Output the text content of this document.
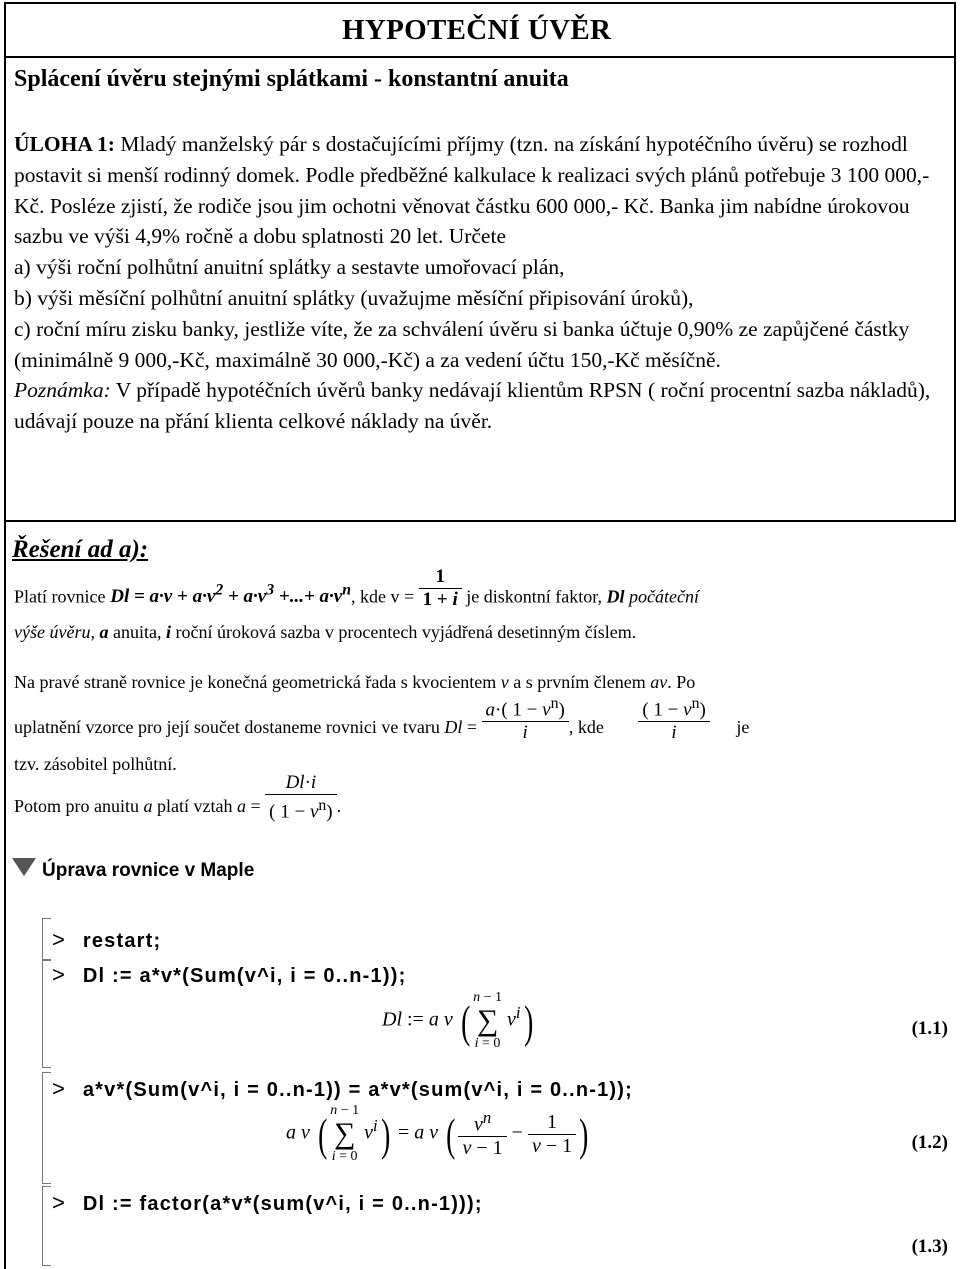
HYPOTEČNÍ ÚVĚR
Splácení úvěru stejnými splátkami - konstantní anuita

ÚLOHA 1: Mladý manželský pár s dostačujícími příjmy (tzn. na získání hypotéčního úvěru) se rozhodl postavit si menší rodinný domek. Podle předběžné kalkulace k realizaci svých plánů potřebuje 3 100 000,- Kč. Posléze zjistí, že rodiče jsou jim ochotni věnovat částku 600 000,- Kč. Banka jim nabídne úrokovou sazbu ve výši 4,9% ročně a dobu splatnosti 20 let. Určete

a) výši roční polhůtní anuitní splátky a sestavte umořovací plán,

b) výši měsíční polhůtní anuitní splátky (uvažujme měsíční připisování úroků),

c) roční míru zisku banky, jestliže víte, že za schválení úvěru si banka účtuje 0,90% ze zapůjčené částky (minimálně 9 000,-Kč, maximálně 30 000,-Kč) a za vedení účtu 150,-Kč měsíčně.

Poznámka: V případě hypotéčních úvěrů banky nedávají klientům RPSN ( roční procentní sazba nákladů), udávají pouze na přání klienta celkové náklady na úvěr.

Řešení ad a):
Platí rovnice $Dl = a\cdot v + a\cdot v^2 + a\cdot v^3$ +...+ $a\cdot v^n$, kde $v = \frac{1}{1 + i}$ je diskontní faktor, Dl počáteční
výše úvěru, a anuita, i roční úroková sazba v procentech vyjádřená desetinným číslem.
Na pravé straně rovnice je konečná geometrická řada s kvocientem v a s prvním členem av. Po
uplatnění vzorce pro její součet dostaneme rovnici ve tvaru $Dl = \frac{a\cdot( 1 - v^n)}{i}$ , kde $\frac{( 1 - v^n)}{i}$ je
tzv. zásobitel polhůtní.
Potom pro anuitu a platí vztah $a = \frac{Dl\cdot i}{( 1 - v^n)}$ .
Úprava rovnice v Maple
> restart;
> Dl := a*v*(Sum(v^i, i = 0..n-1));
Dl := a v ( n − 1
∑
i = 0 $v^i$)	(1.1)
> a*v*(Sum(v^i, i = 0..n-1)) = a*v*(sum(v^i, i = 0..n-1));
a v ( n − 1
∑
i = 0 $v^i) = a$ v ( $\frac{v^n}{v - 1} - \frac{1}{v - 1}$ )	(1.2)
> Dl := factor(a*v*(sum(v^i, i = 0..n-1)));
(1.3)
